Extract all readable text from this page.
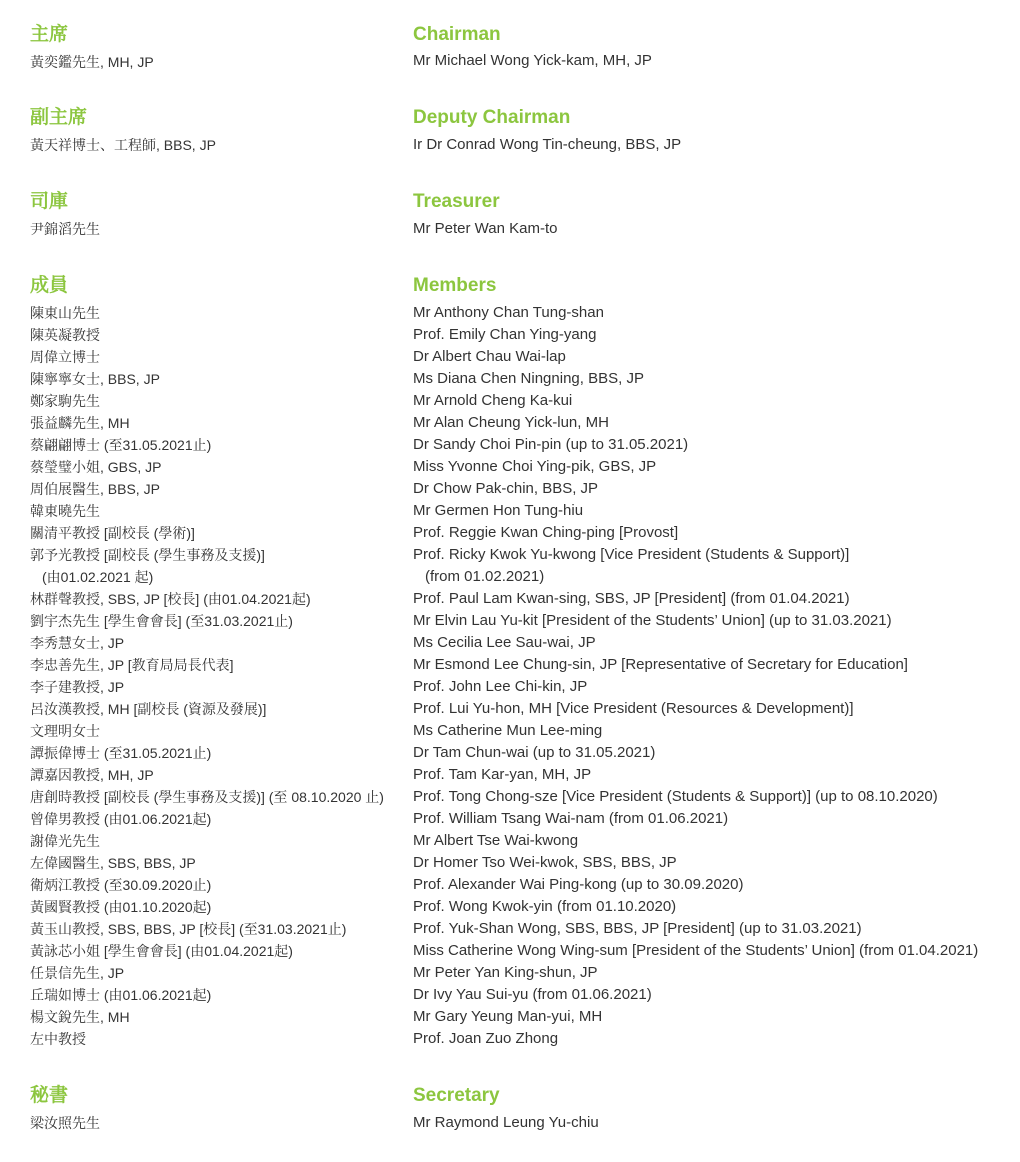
主席
黃奕鑑先生, MH, JP
副主席
黃天祥博士、工程師, BBS, JP
司庫
尹錦滔先生
成員
陳東山先生
陳英凝教授
周偉立博士
陳寧寧女士, BBS, JP
鄭家駒先生
張益麟先生, MH
蔡翩翩博士 (至31.05.2021止)
蔡瑩璧小姐, GBS, JP
周伯展醫生, BBS, JP
韓東曉先生
關清平教授 [副校長 (學術)]
郭予光教授 [副校長 (學生事務及支援)]
(由01.02.2021 起)
林群聲教授, SBS, JP [校長] (由01.04.2021起)
劉宇杰先生 [學生會會長] (至31.03.2021止)
李秀慧女士, JP
李忠善先生, JP [教育局局長代表]
李子建教授, JP
呂汝漢教授, MH [副校長 (資源及發展)]
文理明女士
譚振偉博士 (至31.05.2021止)
譚嘉因教授, MH, JP
唐創時教授 [副校長 (學生事務及支援)] (至 08.10.2020 止)
曾偉男教授 (由01.06.2021起)
謝偉光先生
左偉國醫生, SBS, BBS, JP
衛炳江教授 (至30.09.2020止)
黃國賢教授 (由01.10.2020起)
黃玉山教授, SBS, BBS, JP [校長] (至31.03.2021止)
黃詠芯小姐 [學生會會長] (由01.04.2021起)
任景信先生, JP
丘瑞如博士 (由01.06.2021起)
楊文銳先生, MH
左中教授
秘書
梁汝照先生
Chairman
Mr Michael Wong Yick-kam, MH, JP
Deputy Chairman
Ir Dr Conrad Wong Tin-cheung, BBS, JP
Treasurer
Mr Peter Wan Kam-to
Members
Mr Anthony Chan Tung-shan
Prof. Emily Chan Ying-yang
Dr Albert Chau Wai-lap
Ms Diana Chen Ningning, BBS, JP
Mr Arnold Cheng Ka-kui
Mr Alan Cheung Yick-lun, MH
Dr Sandy Choi Pin-pin (up to 31.05.2021)
Miss Yvonne Choi Ying-pik, GBS, JP
Dr Chow Pak-chin, BBS, JP
Mr Germen Hon Tung-hiu
Prof. Reggie Kwan Ching-ping [Provost]
Prof. Ricky Kwok Yu-kwong [Vice President (Students & Support)]
(from 01.02.2021)
Prof. Paul Lam Kwan-sing, SBS, JP [President] (from 01.04.2021)
Mr Elvin Lau Yu-kit [President of the Students’ Union] (up to 31.03.2021)
Ms Cecilia Lee Sau-wai, JP
Mr Esmond Lee Chung-sin, JP [Representative of Secretary for Education]
Prof. John Lee Chi-kin, JP
Prof. Lui Yu-hon, MH [Vice President (Resources & Development)]
Ms Catherine Mun Lee-ming
Dr Tam Chun-wai (up to 31.05.2021)
Prof. Tam Kar-yan, MH, JP
Prof. Tong Chong-sze [Vice President (Students & Support)] (up to 08.10.2020)
Prof. William Tsang Wai-nam (from 01.06.2021)
Mr Albert Tse Wai-kwong
Dr Homer Tso Wei-kwok, SBS, BBS, JP
Prof. Alexander Wai Ping-kong (up to 30.09.2020)
Prof. Wong Kwok-yin (from 01.10.2020)
Prof. Yuk-Shan Wong, SBS, BBS, JP [President] (up to 31.03.2021)
Miss Catherine Wong Wing-sum [President of the Students’ Union] (from 01.04.2021)
Mr Peter Yan King-shun, JP
Dr Ivy Yau Sui-yu (from 01.06.2021)
Mr Gary Yeung Man-yui, MH
Prof. Joan Zuo Zhong
Secretary
Mr Raymond Leung Yu-chiu
